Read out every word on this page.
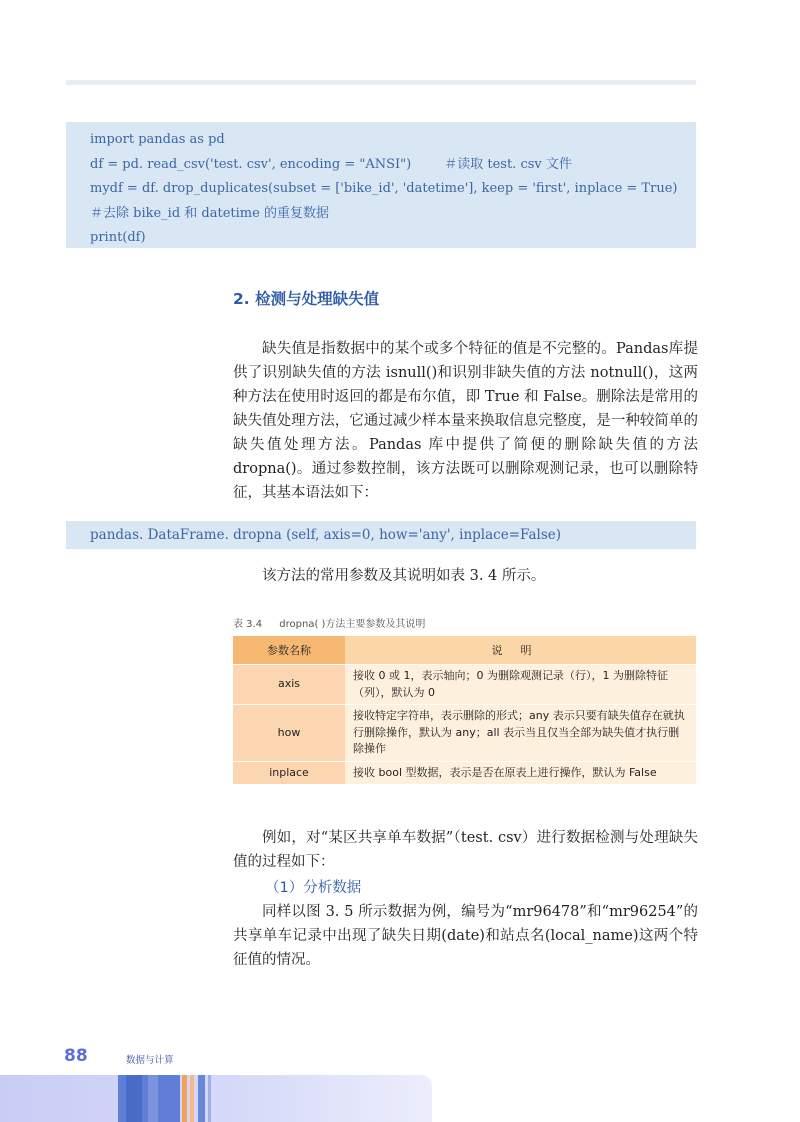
import pandas as pd
df = pd. read_csv('test. csv', encoding = "ANSI")        ＃读取 test. csv 文件
mydf = df. drop_duplicates(subset = ['bike_id', 'datetime'], keep = 'first', inplace = True)
＃去除 bike_id 和 datetime 的重复数据
print(df)
2. 检测与处理缺失值

缺失值是指数据中的某个或多个特征的值是不完整的。Pandas库提供了识别缺失值的方法 isnull()和识别非缺失值的方法 notnull()，这两种方法在使用时返回的都是布尔值，即 True 和 False。删除法是常用的缺失值处理方法，它通过减少样本量来换取信息完整度，是一种较简单的缺失值处理方法。Pandas 库中提供了简便的删除缺失值的方法 dropna()。通过参数控制，该方法既可以删除观测记录，也可以删除特征，其基本语法如下：

pandas. DataFrame. dropna (self, axis=0, how='any', inplace=False)

该方法的常用参数及其说明如表 3. 4 所示。

表 3.4 dropna( )方法主要参数及其说明
参数名称	说明
axis	接收 0 或 1，表示轴向；0 为删除观测记录（行），1 为删除特征（列），默认为 0
how	接收特定字符串，表示删除的形式；any 表示只要有缺失值存在就执行删除操作，默认为 any；all 表示当且仅当全部为缺失值才执行删除操作
inplace	接收 bool 型数据，表示是否在原表上进行操作，默认为 False

例如，对“某区共享单车数据”（test. csv）进行数据检测与处理缺失值的过程如下：

（1）分析数据

同样以图 3. 5 所示数据为例，编号为“mr96478”和“mr96254”的共享单车记录中出现了缺失日期(date)和站点名(local_name)这两个特征值的情况。

88	数据与计算
